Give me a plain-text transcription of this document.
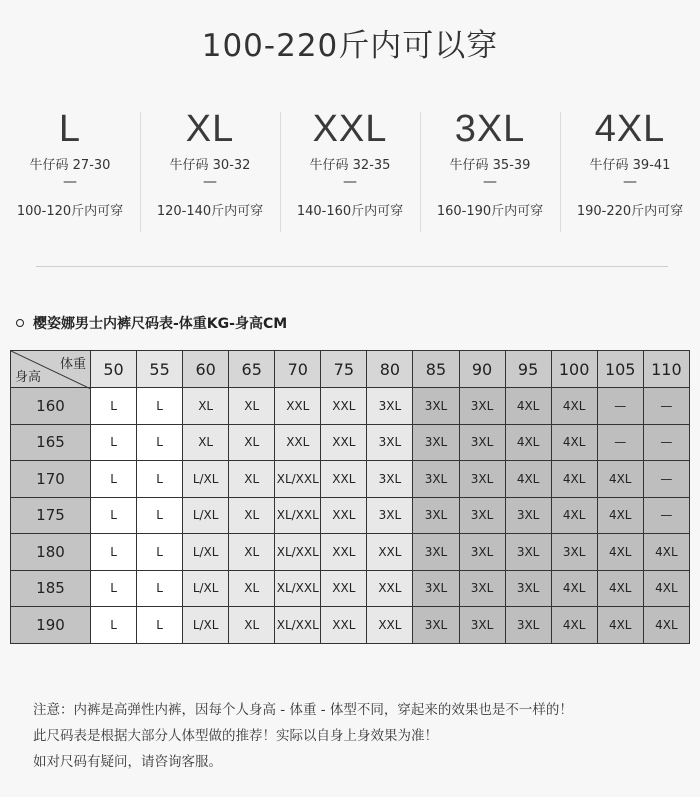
100-220斤内可以穿
L
牛仔码 27-30
—
100-120斤内可穿
XL
牛仔码 30-32
—
120-140斤内可穿
XXL
牛仔码 32-35
—
140-160斤内可穿
3XL
牛仔码 35-39
—
160-190斤内可穿
4XL
牛仔码 39-41
—
190-220斤内可穿
樱姿娜男士内裤尺码表-体重KG-身高CM
体重
身高	50	55	60	65	70	75	80	85	90	95	100	105	110
160	L	L	XL	XL	XXL	XXL	3XL	3XL	3XL	4XL	4XL	—	—
165	L	L	XL	XL	XXL	XXL	3XL	3XL	3XL	4XL	4XL	—	—
170	L	L	L/XL	XL	XL/XXL	XXL	3XL	3XL	3XL	4XL	4XL	4XL	—
175	L	L	L/XL	XL	XL/XXL	XXL	3XL	3XL	3XL	3XL	4XL	4XL	—
180	L	L	L/XL	XL	XL/XXL	XXL	XXL	3XL	3XL	3XL	3XL	4XL	4XL
185	L	L	L/XL	XL	XL/XXL	XXL	XXL	3XL	3XL	3XL	4XL	4XL	4XL
190	L	L	L/XL	XL	XL/XXL	XXL	XXL	3XL	3XL	3XL	4XL	4XL	4XL
注意：内裤是高弹性内裤，因每个人身高 - 体重 - 体型不同，穿起来的效果也是不一样的！
此尺码表是根据大部分人体型做的推荐！实际以自身上身效果为准！
如对尺码有疑问，请咨询客服。
